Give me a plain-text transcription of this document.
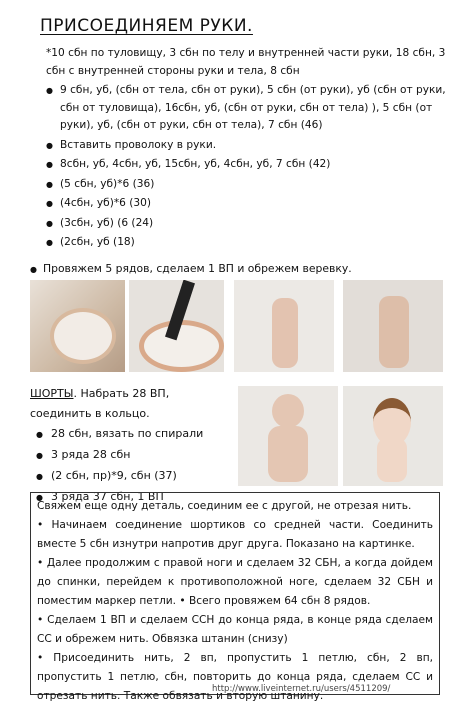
ПРИСОЕДИНЯЕМ РУКИ.
*10 сбн по туловищу, 3 сбн по телу и внутренней части руки, 18 сбн, 3 сбн с внутренней стороны руки и тела, 8 сбн
● 9 сбн, уб, (сбн от тела, сбн от руки), 5 сбн (от руки), уб (сбн от руки, сбн от туловища), 16сбн, уб, (сбн от руки, сбн от тела) ), 5 сбн (от руки), уб, (сбн от руки, сбн от тела), 7 сбн (46)
● Вставить проволоку в руки.
● 8сбн, уб, 4сбн, уб, 15сбн, уб, 4сбн, уб, 7 сбн (42)
● (5 сбн, уб)*6 (36)
● (4сбн, уб)*6 (30)
● (3сбн, уб) (6 (24)
● (2сбн, уб (18)
● Провяжем 5 рядов, сделаем 1 ВП и обрежем веревку.
ШОРТЫ. Набрать 28 ВП, соединить в кольцо.
● 28 сбн, вязать по спирали
● 3 ряда 28 сбн
● (2 сбн, пр)*9, сбн (37)
● 3 ряда 37 сбн, 1 ВП

Свяжем еще одну деталь, соединим ее с другой, не отрезая нить.

• Начинаем соединение шортиков со средней части. Соединить вместе 5 сбн изнутри напротив друг друга. Показано на картинке.

• Далее продолжим с правой ноги и сделаем 32 СБН, а когда дойдем до спинки, перейдем к противоположной ноге, сделаем 32 СБН и поместим маркер петли. • Всего провяжем 64 сбн 8 рядов.

• Сделаем 1 ВП и сделаем ССН до конца ряда, в конце ряда сделаем СС и обрежем нить. Обвязка штанин (снизу)

• Присоединить нить, 2 вп, пропустить 1 петлю, сбн, 2 вп, пропустить 1 петлю, сбн, повторить до конца ряда, сделаем СС и отрезать нить. Также обвязать и вторую штанину.

http://www.liveinternet.ru/users/4511209/
